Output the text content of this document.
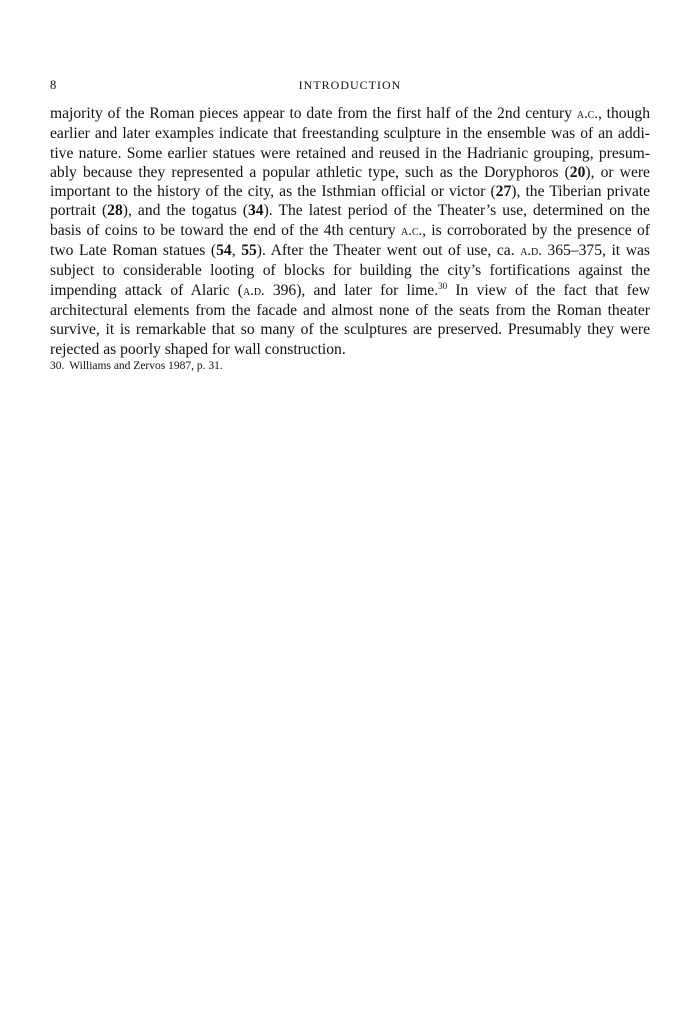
8	INTRODUCTION

majority of the Roman pieces appear to date from the first half of the 2nd century a.c., though earlier and later examples indicate that freestanding sculpture in the ensemble was of an additive nature. Some earlier statues were retained and reused in the Hadrianic grouping, presumably because they represented a popular athletic type, such as the Doryphoros (20), or were important to the history of the city, as the Isthmian official or victor (27), the Tiberian private portrait (28), and the togatus (34). The latest period of the Theater’s use, determined on the basis of coins to be toward the end of the 4th century a.c., is corroborated by the presence of two Late Roman statues (54, 55). After the Theater went out of use, ca. a.d. 365–375, it was subject to considerable looting of blocks for building the city’s fortifications against the impending attack of Alaric (a.d. 396), and later for lime.$^{30}$ In view of the fact that few architectural elements from the facade and almost none of the seats from the Roman theater survive, it is remarkable that so many of the sculptures are preserved. Presumably they were rejected as poorly shaped for wall construction.

30. Williams and Zervos 1987, p. 31.
